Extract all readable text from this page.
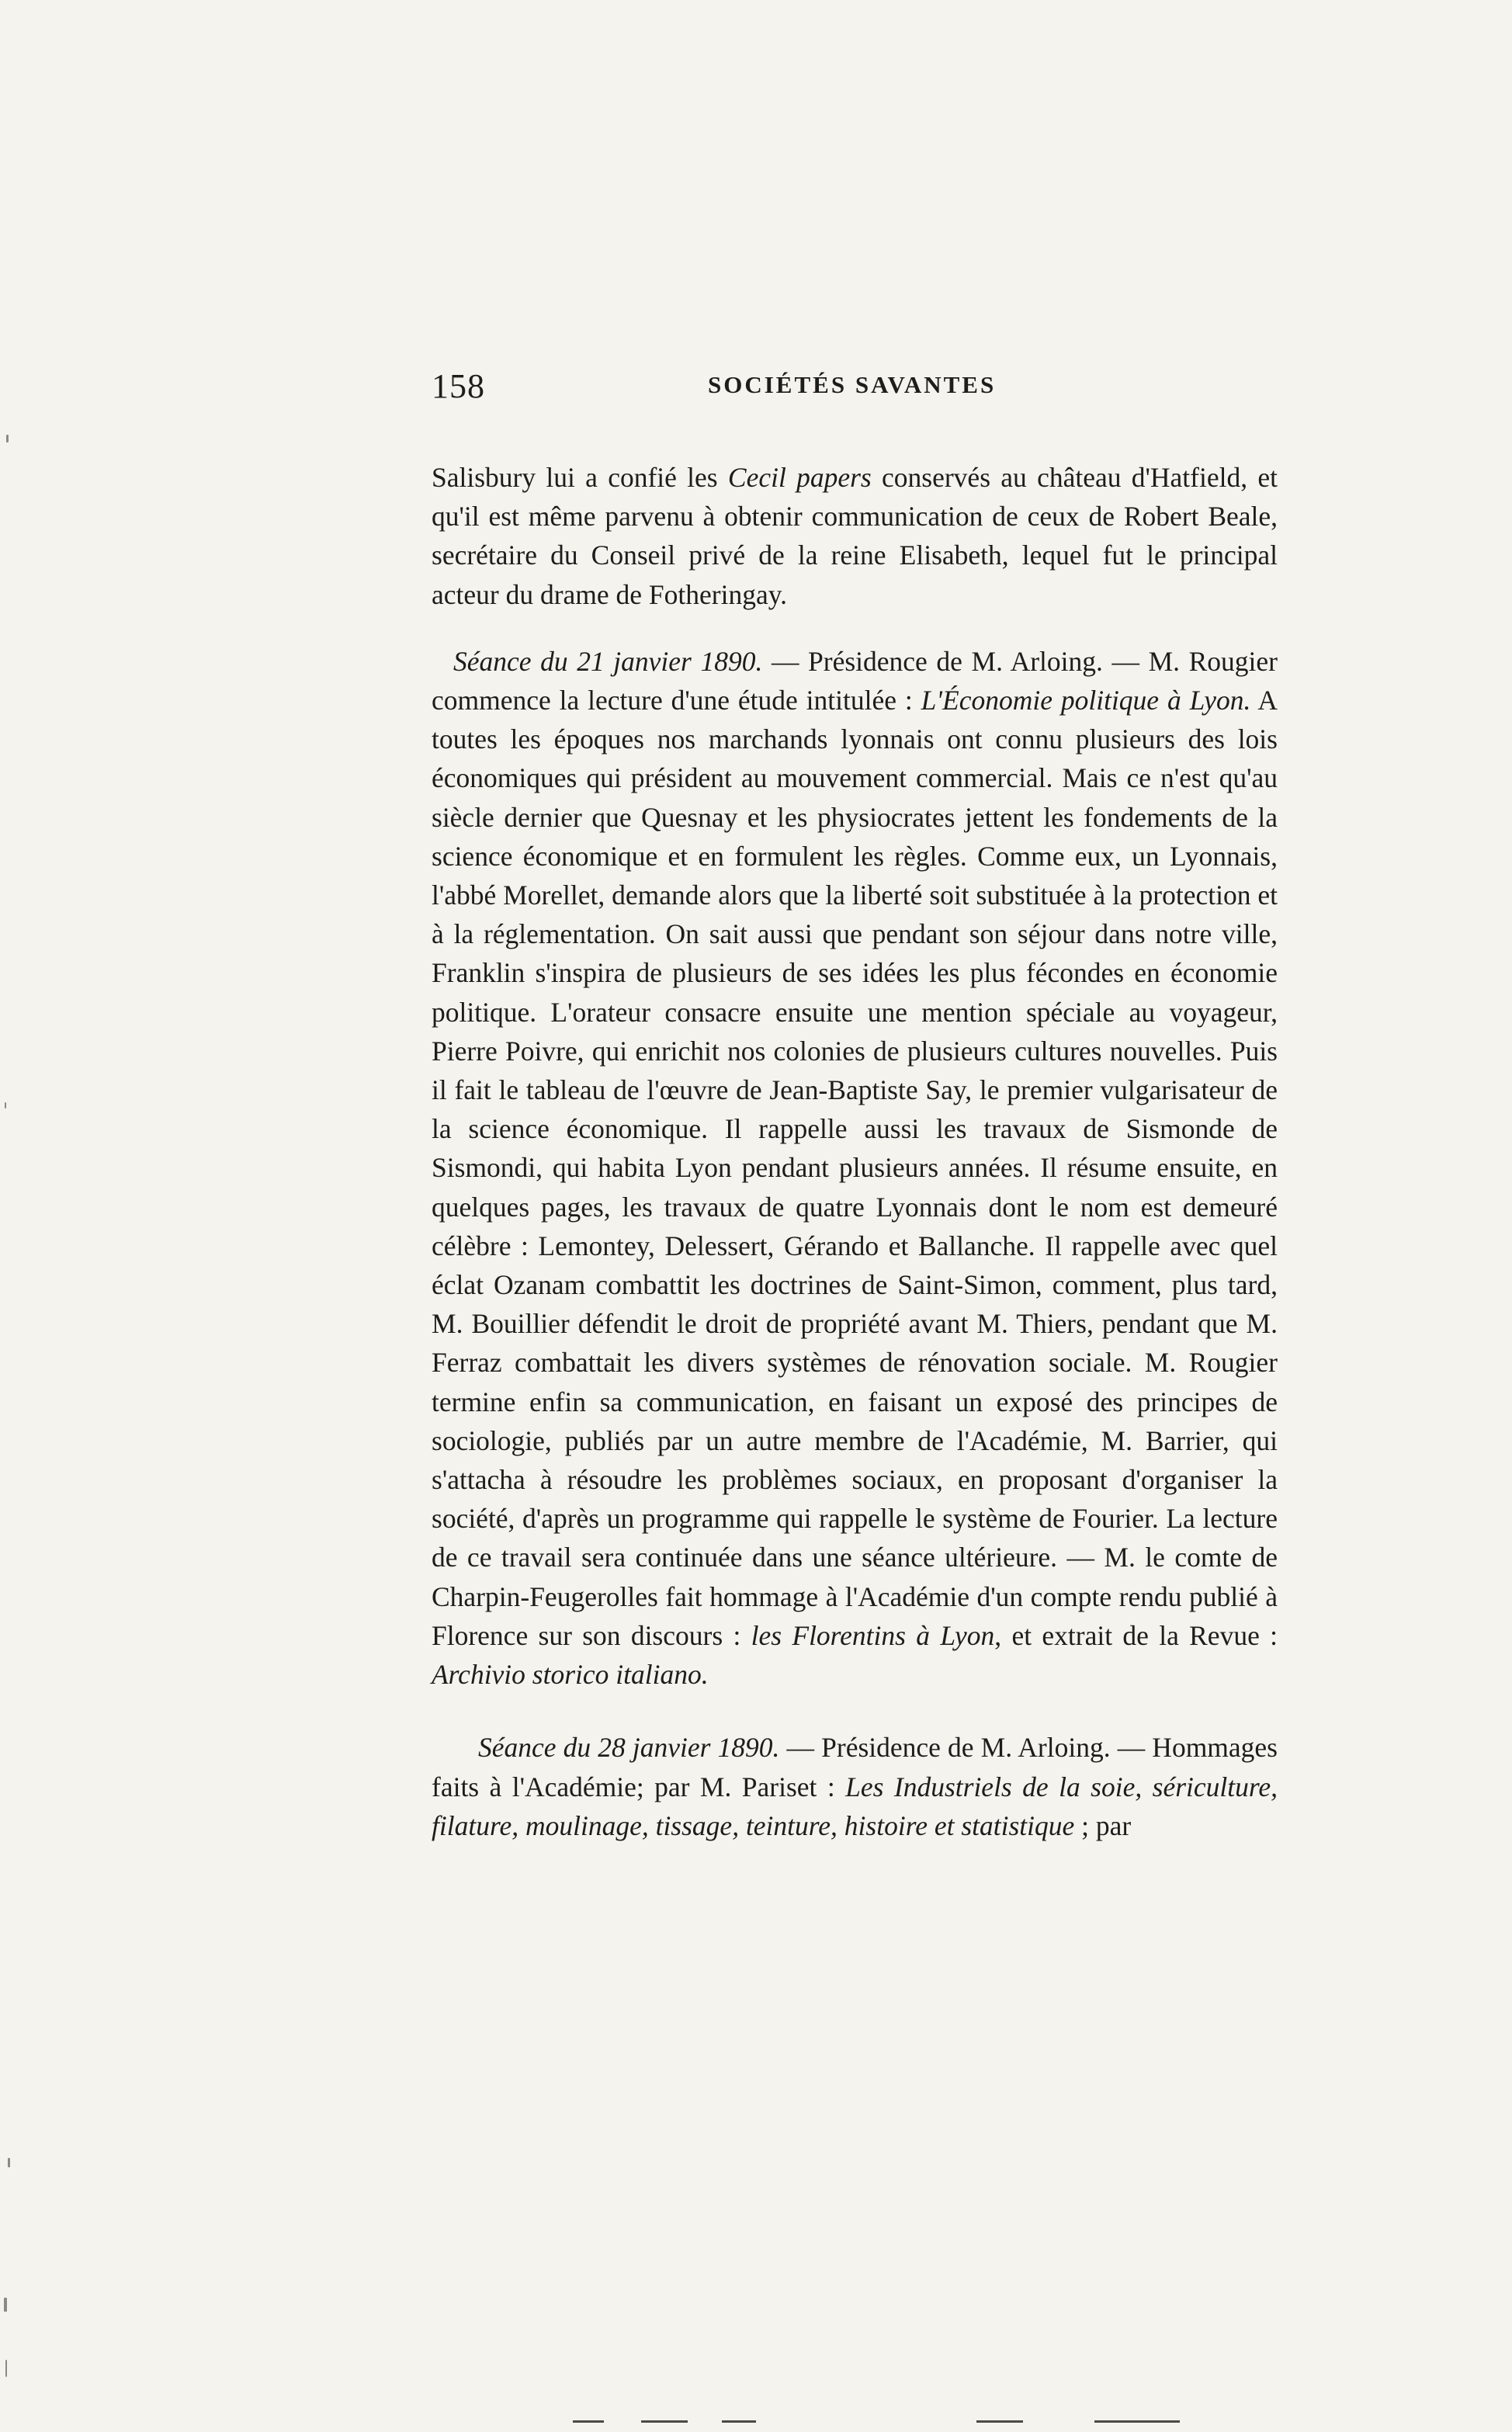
158	SOCIÉTÉS SAVANTES

Salisbury lui a confié les Cecil papers conservés au château d'Hatfield, et qu'il est même parvenu à obtenir communication de ceux de Robert Beale, secrétaire du Conseil privé de la reine Elisabeth, lequel fut le principal acteur du drame de Fotheringay.

Séance du 21 janvier 1890. — Présidence de M. Arloing. — M. Rougier commence la lecture d'une étude intitulée : L'Économie politique à Lyon. A toutes les époques nos marchands lyonnais ont connu plusieurs des lois économiques qui président au mouvement commercial. Mais ce n'est qu'au siècle dernier que Quesnay et les physiocrates jettent les fondements de la science économique et en formulent les règles. Comme eux, un Lyonnais, l'abbé Morellet, demande alors que la liberté soit substituée à la protection et à la réglementation. On sait aussi que pendant son séjour dans notre ville, Franklin s'inspira de plusieurs de ses idées les plus fécondes en économie politique. L'orateur consacre ensuite une mention spéciale au voyageur, Pierre Poivre, qui enrichit nos colonies de plusieurs cultures nouvelles. Puis il fait le tableau de l'œuvre de Jean-Baptiste Say, le premier vulgarisateur de la science économique. Il rappelle aussi les travaux de Sismonde de Sismondi, qui habita Lyon pendant plusieurs années. Il résume ensuite, en quelques pages, les travaux de quatre Lyonnais dont le nom est demeuré célèbre : Lemontey, Delessert, Gérando et Ballanche. Il rappelle avec quel éclat Ozanam combattit les doctrines de Saint-Simon, comment, plus tard, M. Bouillier défendit le droit de propriété avant M. Thiers, pendant que M. Ferraz combattait les divers systèmes de rénovation sociale. M. Rougier termine enfin sa communication, en faisant un exposé des principes de sociologie, publiés par un autre membre de l'Académie, M. Barrier, qui s'attacha à résoudre les problèmes sociaux, en proposant d'organiser la société, d'après un programme qui rappelle le système de Fourier. La lecture de ce travail sera continuée dans une séance ultérieure. — M. le comte de Charpin-Feugerolles fait hommage à l'Académie d'un compte rendu publié à Florence sur son discours : les Florentins à Lyon, et extrait de la Revue : Archivio storico italiano.

Séance du 28 janvier 1890. — Présidence de M. Arloing. — Hommages faits à l'Académie; par M. Pariset : Les Industriels de la soie, sériculture, filature, moulinage, tissage, teinture, histoire et statistique ; par
